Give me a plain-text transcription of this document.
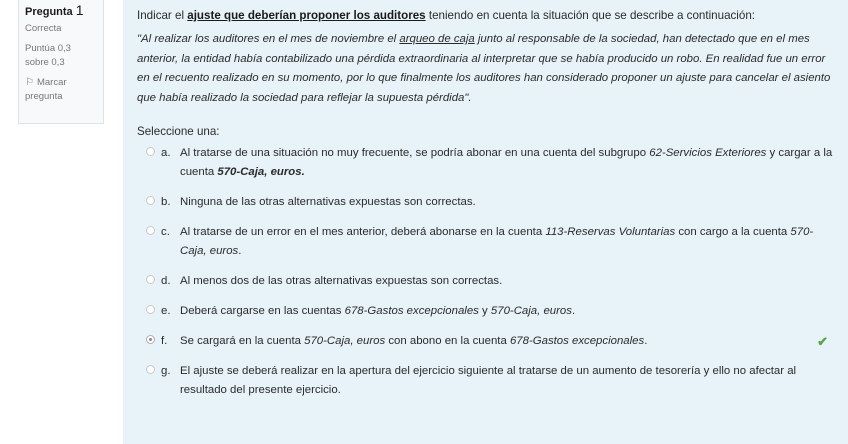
Pregunta 1
Correcta
Puntúa 0,3
sobre 0,3
⚐ Marcar
pregunta
Indicar el ajuste que deberían proponer los auditores teniendo en cuenta la situación que se describe a continuación:
"Al realizar los auditores en el mes de noviembre el arqueo de caja junto al responsable de la sociedad, han detectado que en el mes anterior, la entidad había contabilizado una pérdida extraordinaria al interpretar que se había producido un robo. En realidad fue un error en el recuento realizado en su momento, por lo que finalmente los auditores han considerado proponer un ajuste para cancelar el asiento que había realizado la sociedad para reflejar la supuesta pérdida".
Seleccione una:
a. Al tratarse de una situación no muy frecuente, se podría abonar en una cuenta del subgrupo 62-Servicios Exteriores y cargar a la cuenta 570-Caja, euros.
b. Ninguna de las otras alternativas expuestas son correctas.
c. Al tratarse de un error en el mes anterior, deberá abonarse en la cuenta 113-Reservas Voluntarias con cargo a la cuenta 570-Caja, euros.
d. Al menos dos de las otras alternativas expuestas son correctas.
e. Deberá cargarse en las cuentas 678-Gastos excepcionales y 570-Caja, euros.
f. Se cargará en la cuenta 570-Caja, euros con abono en la cuenta 678-Gastos excepcionales.	✔
g. El ajuste se deberá realizar en la apertura del ejercicio siguiente al tratarse de un aumento de tesorería y ello no afectar al resultado del presente ejercicio.
